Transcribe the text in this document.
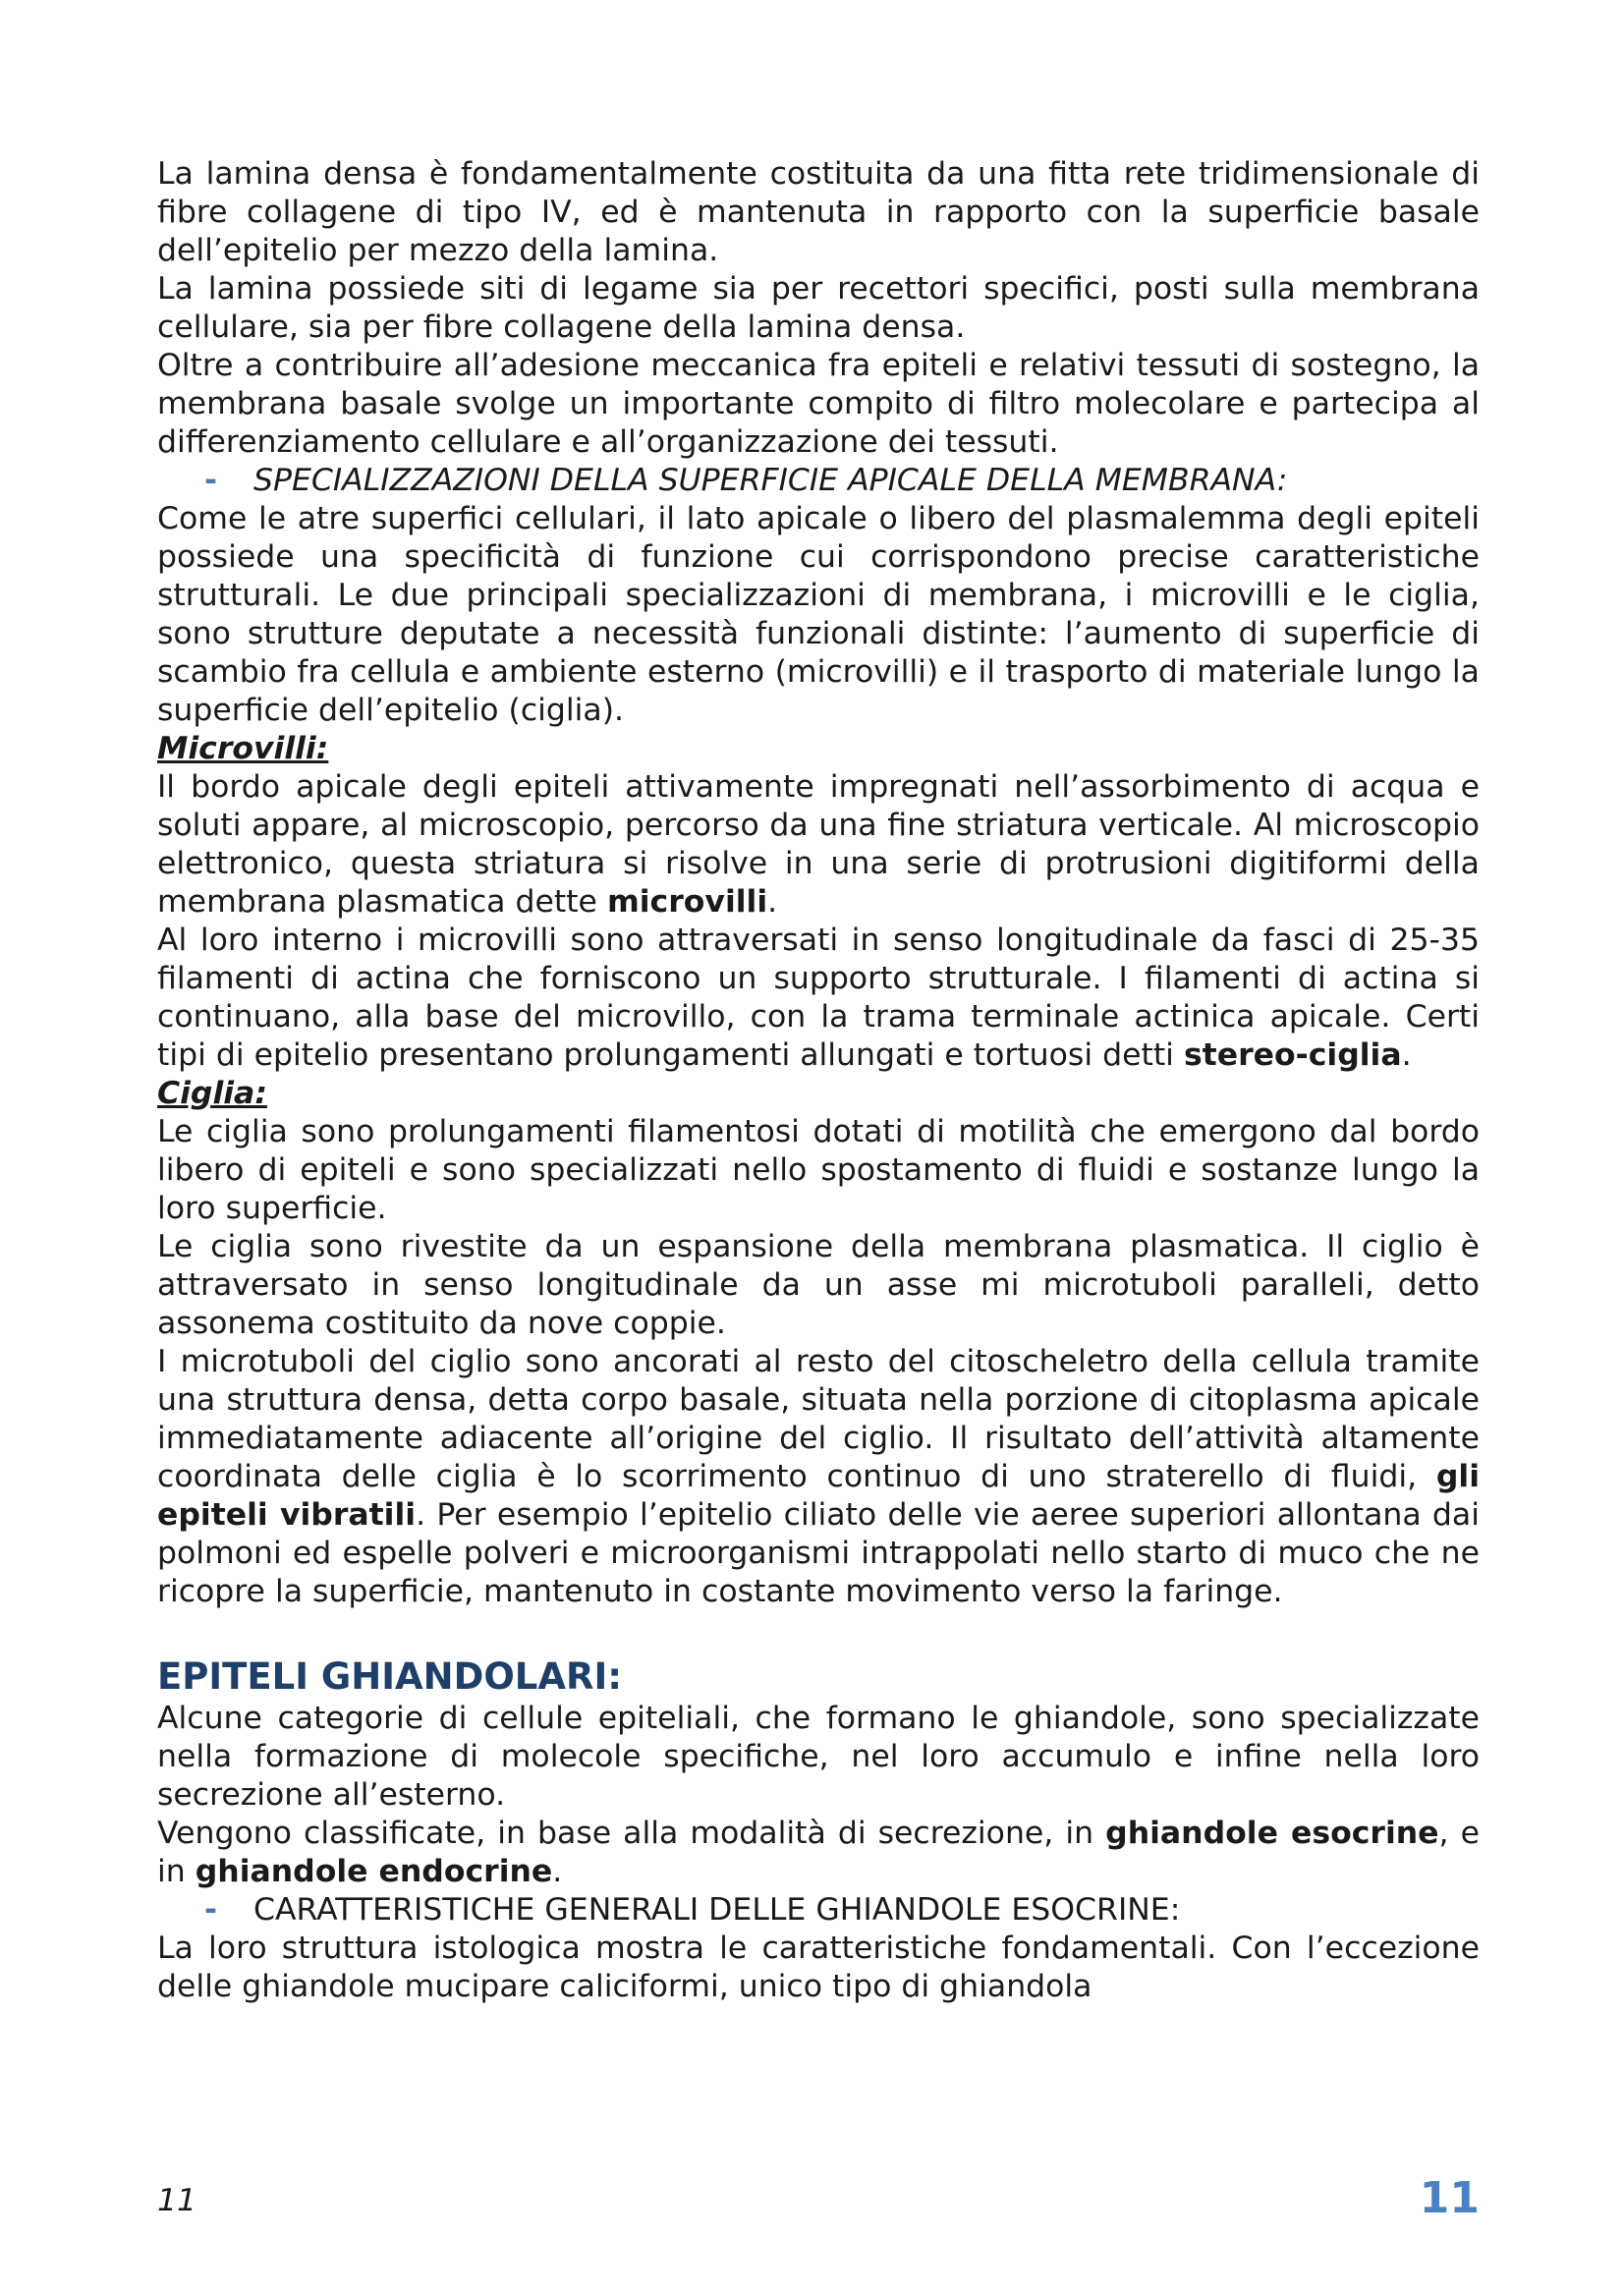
La lamina densa è fondamentalmente costituita da una fitta rete tridimensionale di fibre collagene di tipo IV, ed è mantenuta in rapporto con la superficie basale dell’epitelio per mezzo della lamina.

La lamina possiede siti di legame sia per recettori specifici, posti sulla membrana cellulare, sia per fibre collagene della lamina densa.

Oltre a contribuire all’adesione meccanica fra epiteli e relativi tessuti di sostegno, la membrana basale svolge un importante compito di filtro molecolare e partecipa al differenziamento cellulare e all’organizzazione dei tessuti.

-	SPECIALIZZAZIONI DELLA SUPERFICIE APICALE DELLA MEMBRANA:

Come le atre superfici cellulari, il lato apicale o libero del plasmalemma degli epiteli possiede una specificità di funzione cui corrispondono precise caratteristiche strutturali. Le due principali specializzazioni di membrana, i microvilli e le ciglia, sono strutture deputate a necessità funzionali distinte: l’aumento di superficie di scambio fra cellula e ambiente esterno (microvilli) e il trasporto di materiale lungo la superficie dell’epitelio (ciglia).

Microvilli:

Il bordo apicale degli epiteli attivamente impregnati nell’assorbimento di acqua e soluti appare, al microscopio, percorso da una fine striatura verticale. Al microscopio elettronico, questa striatura si risolve in una serie di protrusioni digitiformi della membrana plasmatica dette microvilli.

Al loro interno i microvilli sono attraversati in senso longitudinale da fasci di 25-35 filamenti di actina che forniscono un supporto strutturale. I filamenti di actina si continuano, alla base del microvillo, con la trama terminale actinica apicale. Certi tipi di epitelio presentano prolungamenti allungati e tortuosi detti stereo-ciglia.

Ciglia:

Le ciglia sono prolungamenti filamentosi dotati di motilità che emergono dal bordo libero di epiteli e sono specializzati nello spostamento di fluidi e sostanze lungo la loro superficie.

Le ciglia sono rivestite da un espansione della membrana plasmatica. Il ciglio è attraversato in senso longitudinale da un asse mi microtuboli paralleli, detto assonema costituito da nove coppie.

I microtuboli del ciglio sono ancorati al resto del citoscheletro della cellula tramite una struttura densa, detta corpo basale, situata nella porzione di citoplasma apicale immediatamente adiacente all’origine del ciglio. Il risultato dell’attività altamente coordinata delle ciglia è lo scorrimento continuo di uno straterello di fluidi, gli epiteli vibratili. Per esempio l’epitelio ciliato delle vie aeree superiori allontana dai polmoni ed espelle polveri e microorganismi intrappolati nello starto di muco che ne ricopre la superficie, mantenuto in costante movimento verso la faringe.

EPITELI GHIANDOLARI:

Alcune categorie di cellule epiteliali, che formano le ghiandole, sono specializzate nella formazione di molecole specifiche, nel loro accumulo e infine nella loro secrezione all’esterno.

Vengono classificate, in base alla modalità di secrezione, in ghiandole esocrine, e in ghiandole endocrine.

-	CARATTERISTICHE GENERALI DELLE GHIANDOLE ESOCRINE:

La loro struttura istologica mostra le caratteristiche fondamentali. Con l’eccezione delle ghiandole mucipare caliciformi, unico tipo di ghiandola

11	11
